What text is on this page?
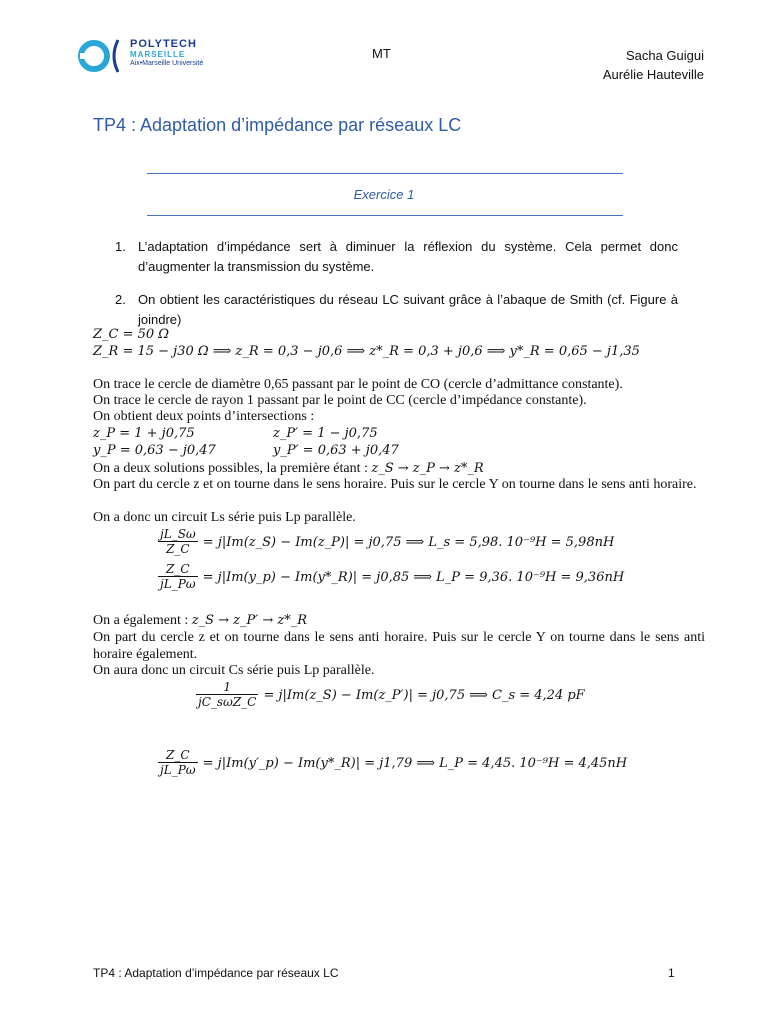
POLYTECH
MARSEILLE
Aix•Marseille Université
MT	Sacha Guigui
Aurélie Hauteville
TP4 : Adaptation d’impédance par réseaux LC
Exercice 1
1. L’adaptation d’impédance sert à diminuer la réflexion du système. Cela permet donc d’augmenter la transmission du système.
2. On obtient les caractéristiques du réseau LC suivant grâce à l’abaque de Smith (cf. Figure à joindre)
Z_C = 50 Ω
Z_R = 15 − j30 Ω ⟹ z_R = 0,3 − j0,6 ⟹ z*_R = 0,3 + j0,6 ⟹ y*_R = 0,65 − j1,35
On trace le cercle de diamètre 0,65 passant par le point de CO (cercle d’admittance constante).
On trace le cercle de rayon 1 passant par le point de CC (cercle d’impédance constante).
On obtient deux points d’intersections :
z_P = 1 + j0,75	z_P′ = 1 − j0,75
y_P = 0,63 − j0,47	y_P′ = 0,63 + j0,47
On a deux solutions possibles, la première étant : z_S → z_P → z*_R
On part du cercle z et on tourne dans le sens horaire. Puis sur le cercle Y on tourne dans le sens anti horaire.
On a donc un circuit Ls série puis Lp parallèle.
$\frac{jL\_S\omega}{Z\_C}$ = j|Im(z_S) − Im(z_P)| = j0,75 ⟹ L_s = 5,98. 10⁻⁹H = 5,98nH
$\frac{Z\_C}{jL\_P\omega}$ = j|Im(y_p) − Im(y*_R)| = j0,85 ⟹ L_P = 9,36. 10⁻⁹H = 9,36nH
On a également : z_S → z_P′ → z*_R
On part du cercle z et on tourne dans le sens anti horaire. Puis sur le cercle Y on tourne dans le sens anti horaire également.
On aura donc un circuit Cs série puis Lp parallèle.
$\frac{1}{\text{jC\_sωZ\_C}}$ = j|Im(z_S) − Im(z_P′)| = j0,75 ⟹ C_s = 4,24 pF
$\frac{Z\_C}{jL\_P\omega}$ = j|Im(y′_p) − Im(y*_R)| = j1,79 ⟹ L_P = 4,45. 10⁻⁹H = 4,45nH
TP4 : Adaptation d’impédance par réseaux LC	1
